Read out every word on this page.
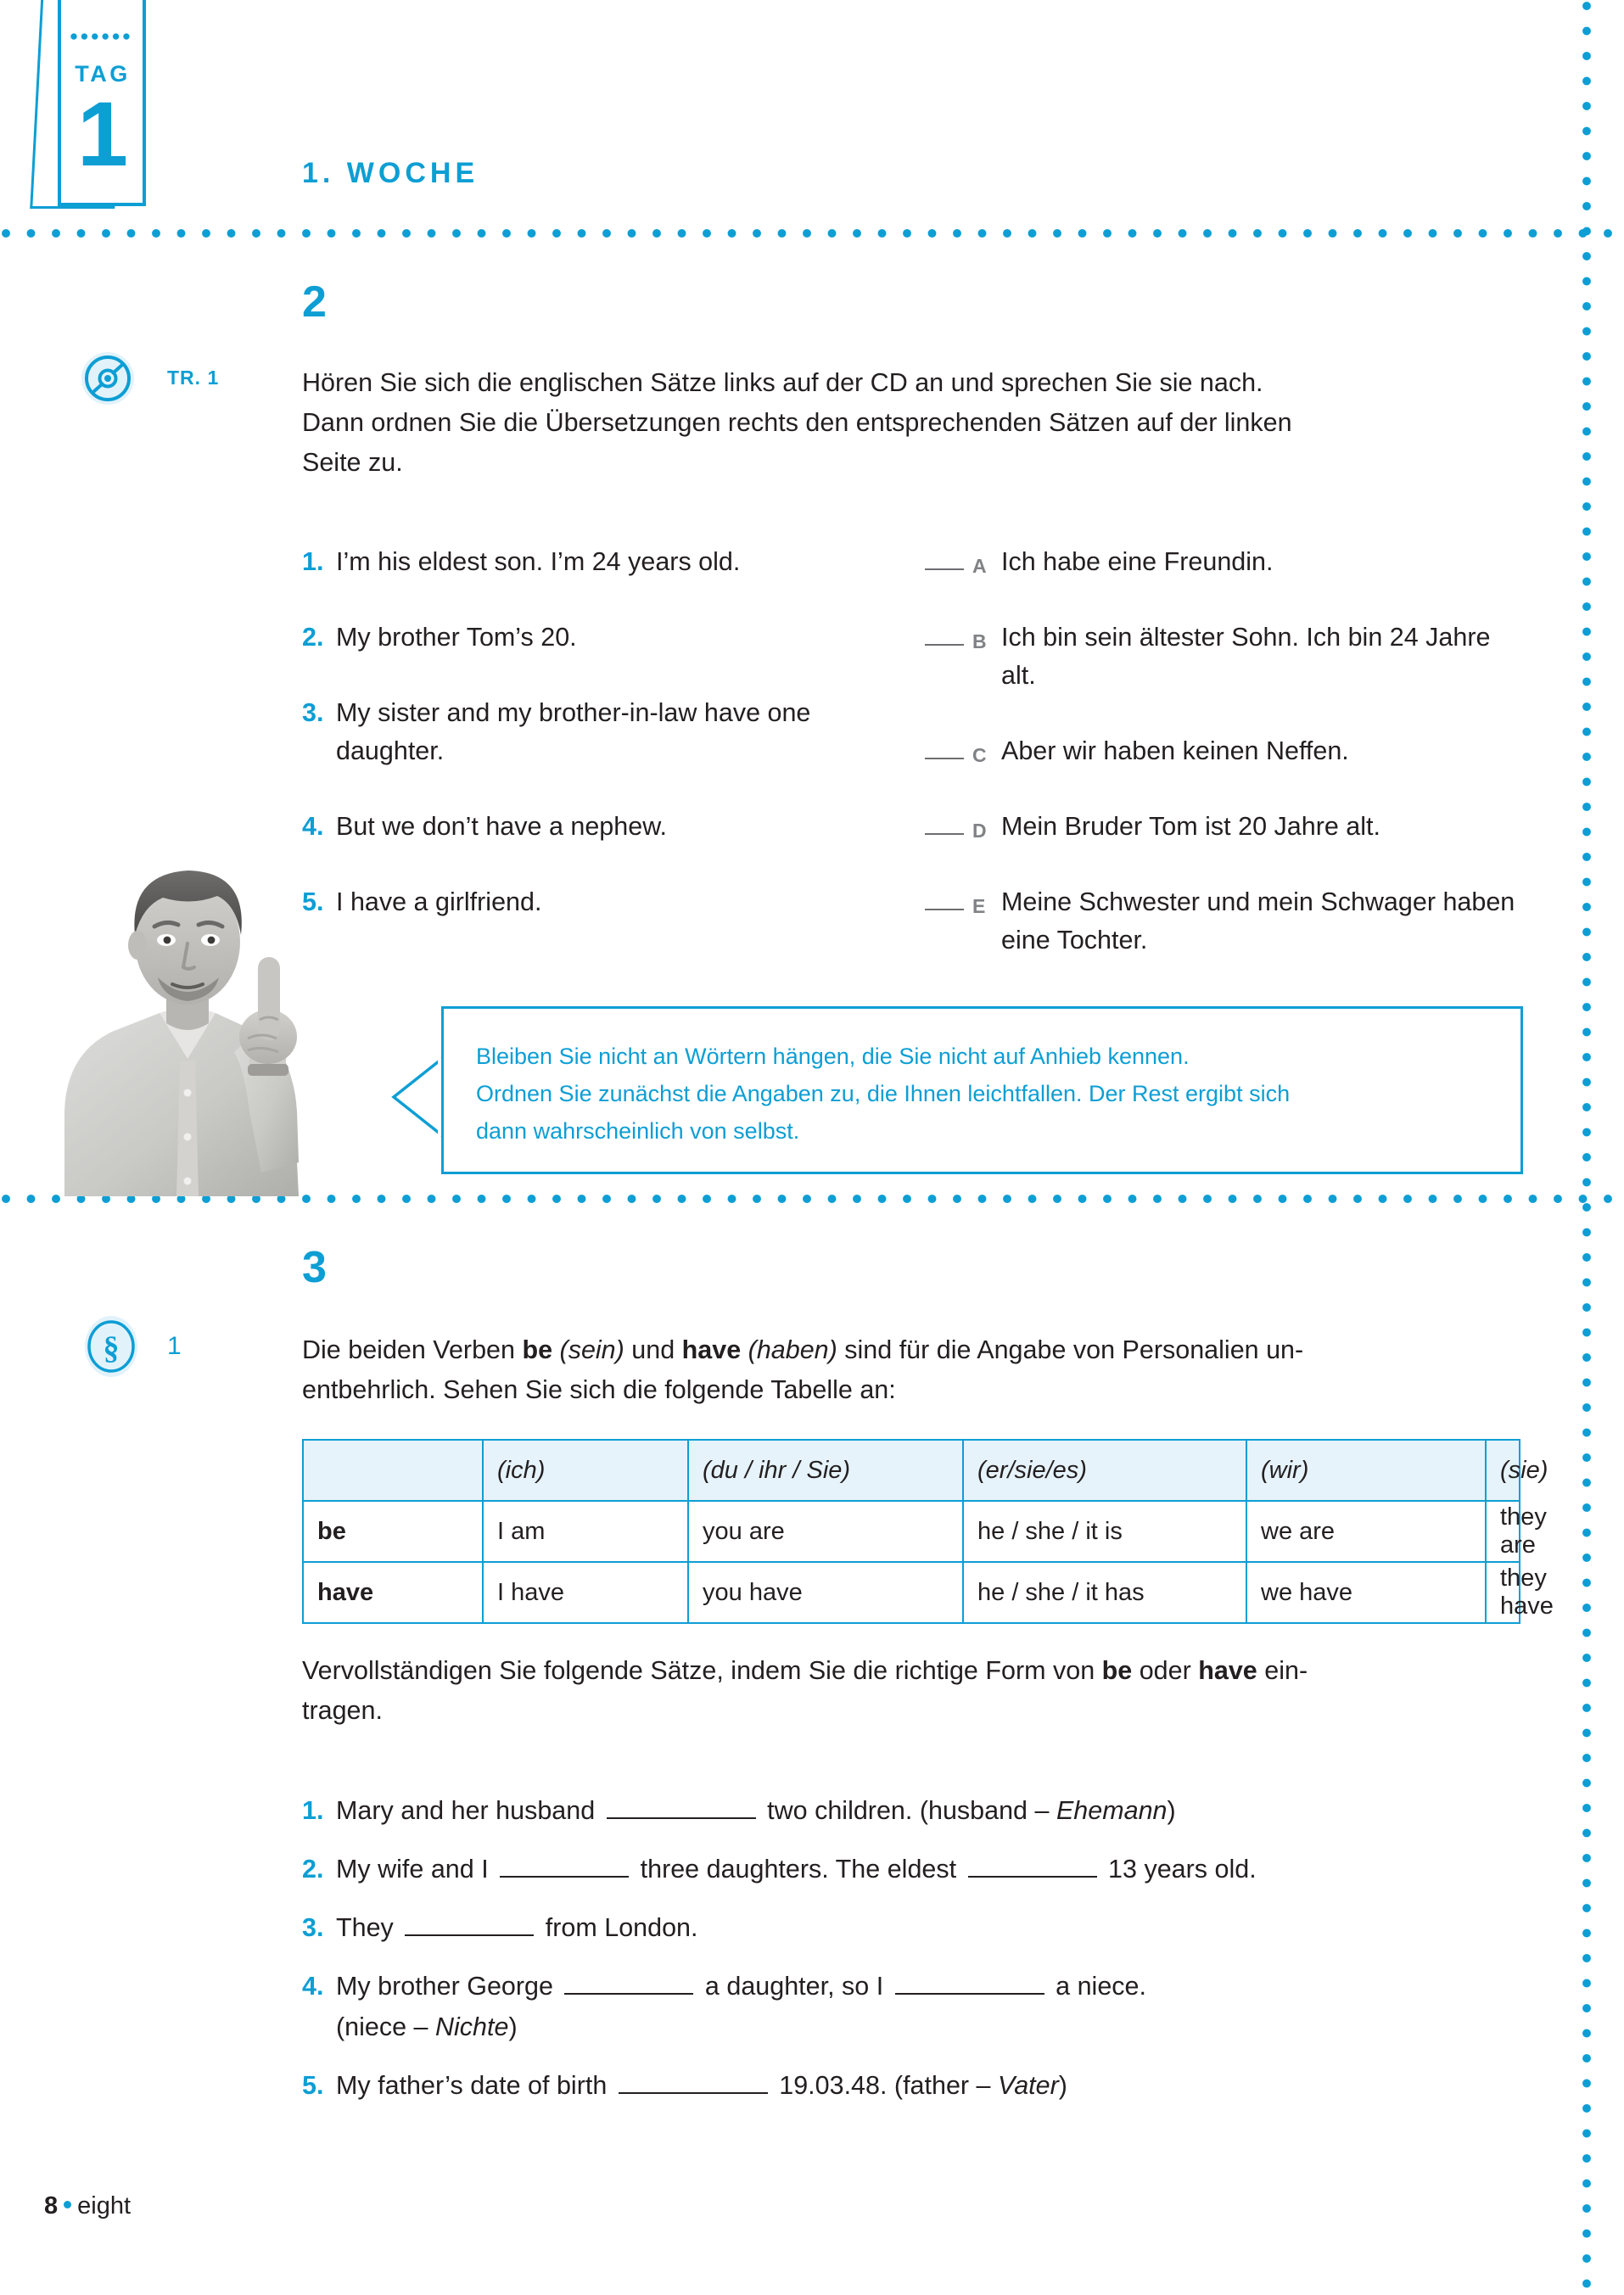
TAG
1	1. WOCHE
2
TR. 1	Hören Sie sich die englischen Sätze links auf der CD an und sprechen Sie sie nach.
Dann ordnen Sie die Übersetzungen rechts den entsprechenden Sätzen auf der linken
Seite zu.
1. I’m his eldest son. I’m 24 years old.
2. My brother Tom’s 20.
3. My sister and my brother-in-law have one daughter.
4. But we don’t have a nephew.
5. I have a girlfriend.
A Ich habe eine Freundin.
B Ich bin sein ältester Sohn. Ich bin 24 Jahre alt.
C Aber wir haben keinen Neffen.
D Mein Bruder Tom ist 20 Jahre alt.
E Meine Schwester und mein Schwager haben eine Tochter.
Bleiben Sie nicht an Wörtern hängen, die Sie nicht auf Anhieb kennen.
Ordnen Sie zunächst die Angaben zu, die Ihnen leichtfallen. Der Rest ergibt sich
dann wahrscheinlich von selbst.
3
§ 1	Die beiden Verben be (sein) und have (haben) sind für die Angabe von Personalien un-
entbehrlich. Sehen Sie sich die folgende Tabelle an:
	(ich)	(du / ihr / Sie)	(er/sie/es)	(wir)	(sie)
be	I am	you are	he / she / it is	we are	they are
have	I have	you have	he / she / it has	we have	they have
Vervollständigen Sie folgende Sätze, indem Sie die richtige Form von be oder have ein-
tragen.
1. Mary and her husband	two children. (husband – Ehemann)
2. My wife and I	three daughters. The eldest	13 years old.
3. They	from London.
4. My brother George	a daughter, so I	a niece.
(niece – Nichte)
5. My father’s date of birth	19.03.48. (father – Vater)
8 eight
